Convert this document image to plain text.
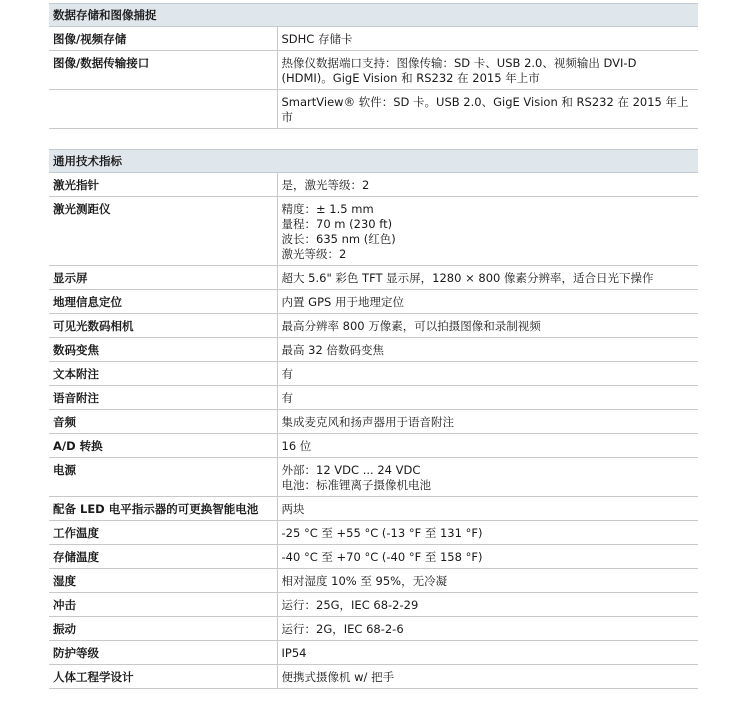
数据存储和图像捕捉	
图像/视频存储	SDHC 存储卡

图像/数据传输接口	热像仪数据端口支持：图像传输：SD 卡、USB 2.0、视频输出 DVI-D
(HDMI)。GigE Vision 和 RS232 在 2015 年上市

	SmartView® 软件：SD 卡。USB 2.0、GigE Vision 和 RS232 在 2015 年上
市
通用技术指标	
激光指针	是，激光等级：2

激光测距仪	精度：± 1.5 mm
量程：70 m (230 ft)
波长：635 nm (红色)
激光等级：2

显示屏	超大 5.6" 彩色 TFT 显示屏，1280 × 800 像素分辨率，适合日光下操作

地理信息定位	内置 GPS 用于地理定位

可见光数码相机	最高分辨率 800 万像素，可以拍摄图像和录制视频

数码变焦	最高 32 倍数码变焦

文本附注	有

语音附注	有

音频	集成麦克风和扬声器用于语音附注

A/D 转换	16 位

电源	外部：12 VDC ... 24 VDC
电池：标准锂离子摄像机电池

配备 LED 电平指示器的可更换智能电池	两块

工作温度	-25 °C 至 +55 °C (-13 °F 至 131 °F)

存储温度	-40 °C 至 +70 °C (-40 °F 至 158 °F)

湿度	相对湿度 10% 至 95%，无冷凝

冲击	运行：25G，IEC 68-2-29

振动	运行：2G，IEC 68-2-6

防护等级	IP54

人体工程学设计	便携式摄像机 w/ 把手
